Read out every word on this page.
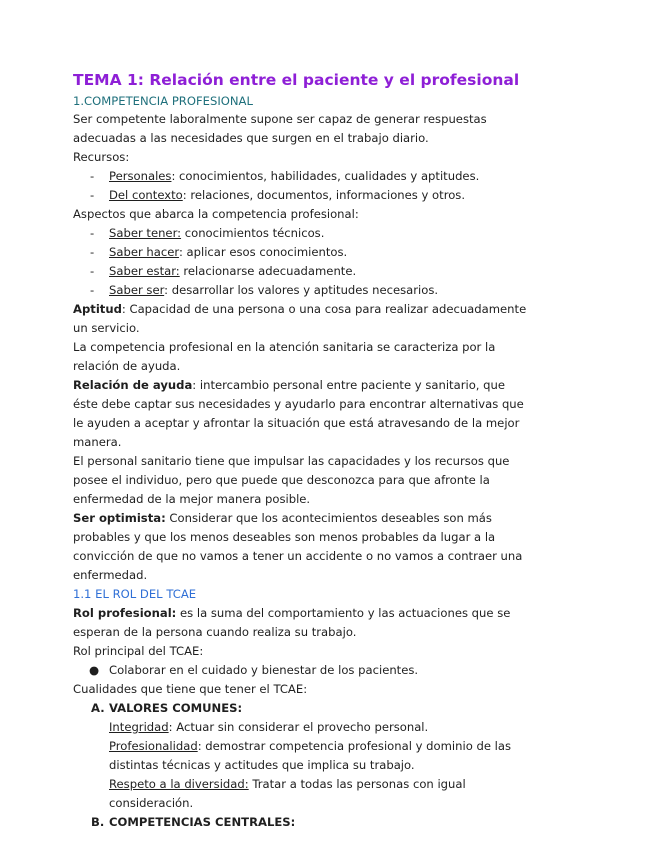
TEMA 1: Relación entre el paciente y el profesional
1.COMPETENCIA PROFESIONAL

Ser competente laboralmente supone ser capaz de generar respuestas adecuadas a las necesidades que surgen en el trabajo diario.

Recursos:

-	Personales: conocimientos, habilidades, cualidades y aptitudes.
-	Del contexto: relaciones, documentos, informaciones y otros.

Aspectos que abarca la competencia profesional:

-	Saber tener: conocimientos técnicos.
-	Saber hacer: aplicar esos conocimientos.
-	Saber estar: relacionarse adecuadamente.
-	Saber ser: desarrollar los valores y aptitudes necesarios.

Aptitud: Capacidad de una persona o una cosa para realizar adecuadamente un servicio.

La competencia profesional en la atención sanitaria se caracteriza por la relación de ayuda.

Relación de ayuda: intercambio personal entre paciente y sanitario, que éste debe captar sus necesidades y ayudarlo para encontrar alternativas que le ayuden a aceptar y afrontar la situación que está atravesando de la mejor manera.

El personal sanitario tiene que impulsar las capacidades y los recursos que posee el individuo, pero que puede que desconozca para que afronte la enfermedad de la mejor manera posible.

Ser optimista: Considerar que los acontecimientos deseables son más probables y que los menos deseables son menos probables da lugar a la convicción de que no vamos a tener un accidente o no vamos a contraer una enfermedad.

1.1 EL ROL DEL TCAE

Rol profesional: es la suma del comportamiento y las actuaciones que se esperan de la persona cuando realiza su trabajo.

Rol principal del TCAE:

● Colaborar en el cuidado y bienestar de los pacientes.

Cualidades que tiene que tener el TCAE:

A. VALORES COMUNES:

Integridad: Actuar sin considerar el provecho personal.

Profesionalidad: demostrar competencia profesional y dominio de las distintas técnicas y actitudes que implica su trabajo.

Respeto a la diversidad: Tratar a todas las personas con igual consideración.

B. COMPETENCIAS CENTRALES:
